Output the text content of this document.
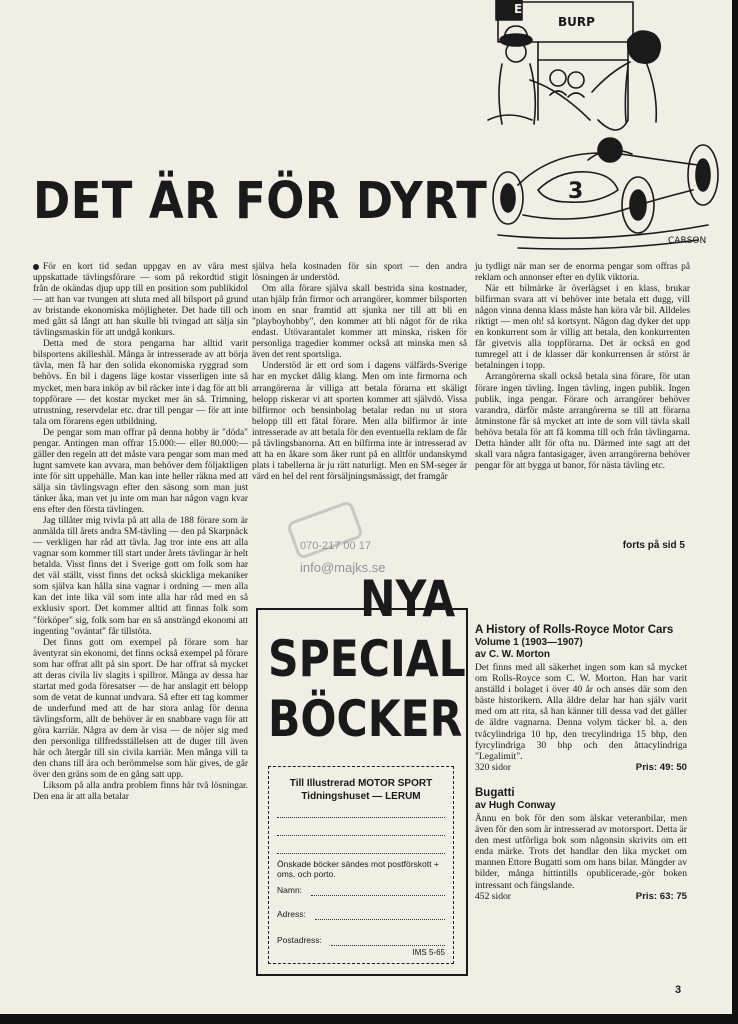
EN
BURP
3
CARSON
DET ÄR FÖR DYRT

För en kort tid sedan uppgav en av våra mest uppskattade tävlingsförare — som på rekordtid stigit från de okändas djup upp till en position som publikidol — att han var tvungen att sluta med all bilsport på grund av bristande ekonomiska möjligheter. Det hade till och med gått så långt att han skulle bli tvingad att sälja sin tävlingsmaskin för att undgå konkurs.

Detta med de stora pengarna har alltid varit bilsportens akilleshäl. Många är intresserade av att börja tävla, men få har den solida ekonomiska ryggrad som behövs. En bil i dagens läge kostar visserligen inte så mycket, men bara inköp av bil räcker inte i dag för att bli toppförare — det kostar mycket mer än så. Trimning, utrustning, reservdelar etc. drar till pengar — för att inte tala om förarens egen utbildning.

De pengar som man offrar på denna hobby är "döda" pengar. Antingen man offrar 15.000:— eller 80.000:— gäller den regeln att det måste vara pengar som man med lugnt samvete kan avvara, man behöver dem följaktligen inte för sitt uppehälle. Man kan inte heller räkna med att sälja sin tävlingsvagn efter den säsong som man just tänker åka, man vet ju inte om man har någon vagn kvar ens efter den första tävlingen.

Jag tillåter mig tvivla på att alla de 188 förare som är anmälda till årets andra SM-tävling — den på Skarpnäck — verkligen har råd att tävla. Jag tror inte ens att alla vagnar som kommer till start under årets tävlingar är helt betalda. Visst finns det i Sverige gott om folk som har det väl ställt, visst finns det också skickliga mekaniker som själva kan hålla sina vagnar i ordning — men alla kan det inte lika väl som inte alla har råd med en så exklusiv sport. Det kommer alltid att finnas folk som "förköper" sig, folk som har en så ansträngd ekonomi att ingenting "oväntat" får tillstöta.

Det finns gott om exempel på förare som har äventyrat sin ekonomi, det finns också exempel på förare som har offrat allt på sin sport. De har offrat så mycket att deras civila liv slagits i spillror. Många av dessa har startat med goda föresatser — de har anslagit ett belopp som de vetat de kunnat undvara. Så efter ett tag kommer de underfund med att de har stora anlag för denna tävlingsform, allt de behöver är en snabbare vagn för att göra karriär. Några av dem är visa — de nöjer sig med den personliga tillfredsställelsen att de duger till även här och återgår till sin civila karriär. Men många vill ta den chans till ära och berömmelse som här gives, de går över den gräns som de en gång satt upp.

Liksom på alla andra problem finns här två lösningar. Den ena är att alla betalar

själva hela kostnaden för sin sport — den andra lösningen är understöd.

Om alla förare själva skall bestrida sina kostnader, utan hjälp från firmor och arrangörer, kommer bilsporten inom en snar framtid att sjunka ner till att bli en "playboyhobby", den kommer att bli något för de rika endast. Utövarantalet kommer att minska, risken för personliga tragedier kommer också att minska men så även det rent sportsliga.

Understöd är ett ord som i dagens välfärds-Sverige har en mycket dålig klang. Men om inte firmorna och arrangörerna är villiga att betala förarna ett skäligt belopp riskerar vi att sporten kommer att självdö. Vissa bilfirmor och bensinbolag betalar redan nu ut stora belopp till ett fåtal förare. Men alla bilfirmor är inte intresserade av att betala för den eventuella reklam de får på tävlingsbanorna. Att en bilfirma inte är intresserad av att ha en åkare som åker runt på en alltför undanskymd plats i tabellerna är ju rätt naturligt. Men en SM-seger är värd en hel del rent försäljningsmässigt, det framgår

ju tydligt när man ser de enorma pengar som offras på reklam och annonser efter en dylik viktoria.

När ett bilmärke är överlägset i en klass, brukar bilfirman svara att vi behöver inte betala ett dugg, vill någon vinna denna klass måste han köra vår bil. Alldeles riktigt — men oh! så kortsynt. Någon dag dyker det upp en konkurrent som är villig att betala, den konkurrenten får givetvis alla toppförarna. Det är också en god tumregel att i de klasser där konkurrensen är störst är betalningen i topp.

Arrangörerna skall också betala sina förare, för utan förare ingen tävling. Ingen tävling, ingen publik. Ingen publik, inga pengar. Förare och arrangörer behöver varandra, därför måste arrangörerna se till att förarna åtminstone får så mycket att inte de som vill tävla skall behöva betala för att få komma till och från tävlingarna. Detta händer allt för ofta nu. Därmed inte sagt att det skall vara några fantasigager, även arrangörerna behöver pengar för att bygga ut banor, för nästa tävling etc.

forts på sid 5
070-217 00 17
info@majks.se
NYA
SPECIAL
BÖCKER
Till Illustrerad MOTOR SPORT
Tidningshuset — LERUM
Önskade böcker sändes mot postförskott + oms. och porto.
Namn:
Adress:
Postadress:
IMS 5-65
A History of Rolls-Royce Motor Cars
Volume 1 (1903—1907)
av C. W. Morton
Det finns med all säkerhet ingen som kan så mycket om Rolls-Royce som C. W. Morton. Han har varit anställd i bolaget i över 40 år och anses där som den bäste historikern. Alla äldre delar har han själv varit med om att rita, så han känner till dessa vad det gäller de äldre vagnarna. Denna volym täcker bl. a. den tvåcylindriga 10 hp, den trecylindriga 15 bhp, den fyrcylindriga 30 bhp och den åttacylindriga "Legalimit".
320 sidor	Pris: 49: 50
Bugatti
av Hugh Conway
Ännu en bok för den som älskar veteranbilar, men även för den som är intresserad av motorsport. Detta är den mest utförliga bok som någonsin skrivits om ett enda märke. Trots det handlar den lika mycket om mannen Ettore Bugatti som om hans bilar. Mängder av bilder, många hittintills opublicerade,-gör boken intressant och fängslande.
452 sidor	Pris: 63: 75
3
